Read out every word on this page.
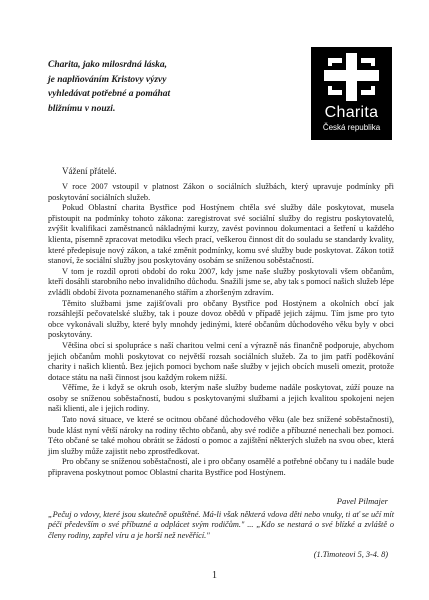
Charita
Česká republika
Charita, jako milosrdná láska,
je naplňováním Kristovy výzvy
vyhledávat potřebné a pomáhat
bližnímu v nouzi.
Vážení přátelé.

V roce 2007 vstoupil v platnost Zákon o sociálních službách, který upravuje podmínky při poskytování sociálních služeb.

Pokud Oblastní charita Bystřice pod Hostýnem chtěla své služby dále poskytovat, musela přistoupit na podmínky tohoto zákona: zaregistrovat své sociální služby do registru poskytovatelů, zvýšit kvalifikaci zaměstnanců nákladnými kurzy, zavést povinnou dokumentaci a šetření u každého klienta, písemně zpracovat metodiku všech prací, veškerou činnost dít do souladu se standardy kvality, které předepisuje nový zákon, a také změnit podmínky, komu své služby bude poskytovat. Zákon totiž stanoví, že sociální služby jsou poskytovány osobám se sníženou soběstačností.

V tom je rozdíl oproti období do roku 2007, kdy jsme naše služby poskytovali všem občanům, kteří dosáhli starobního nebo invalidního důchodu. Snažili jsme se, aby tak s pomocí našich služeb lépe zvládli období života poznamenaného stářím a zhoršeným zdravím.

Těmito službami jsme zajišťovali pro občany Bystřice pod Hostýnem a okolních obcí jak rozsáhlejší pečovatelské služby, tak i pouze dovoz obědů v případě jejich zájmu. Tím jsme pro tyto obce vykonávali služby, které byly mnohdy jedinými, které občanům důchodového věku byly v obci poskytovány.

Většina obcí si spolupráce s naší charitou velmi cení a výrazně nás finančně podporuje, abychom jejich občanům mohli poskytovat co největší rozsah sociálních služeb. Za to jim patří poděkování charity i našich klientů. Bez jejich pomoci bychom naše služby v jejich obcích museli omezit, protože dotace státu na naši činnost jsou každým rokem nižší.

Věříme, že i když se okruh osob, kterým naše služby budeme nadále poskytovat, zúží pouze na osoby se sníženou soběstačností, budou s poskytovanými službami a jejich kvalitou spokojeni nejen naši klienti, ale i jejich rodiny.

Tato nová situace, ve které se ocitnou občané důchodového věku (ale bez snížené soběstačnosti), bude klást nyní větší nároky na rodiny těchto občanů, aby své rodiče a příbuzné nenechali bez pomoci. Této občané se také mohou obrátit se žádostí o pomoc a zajištění některých služeb na svou obec, která jim služby může zajistit nebo zprostředkovat.

Pro občany se sníženou soběstačností, ale i pro občany osamělé a potřebné občany tu i nadále bude připravena poskytnout pomoc Oblastní charita Bystřice pod Hostýnem.

Pavel Pilmajer
„Pečuj o vdovy, které jsou skutečně opuštěné. Má-li však některá vdova děti nebo vnuky, ti ať se učí mít péči především o své příbuzné a odplácet svým rodičům." ... „Kdo se nestará o své blízké a zvláště o členy rodiny, zapřel víru a je horší než nevěřící."
(1.Timoteovi 5, 3-4. 8)
1
